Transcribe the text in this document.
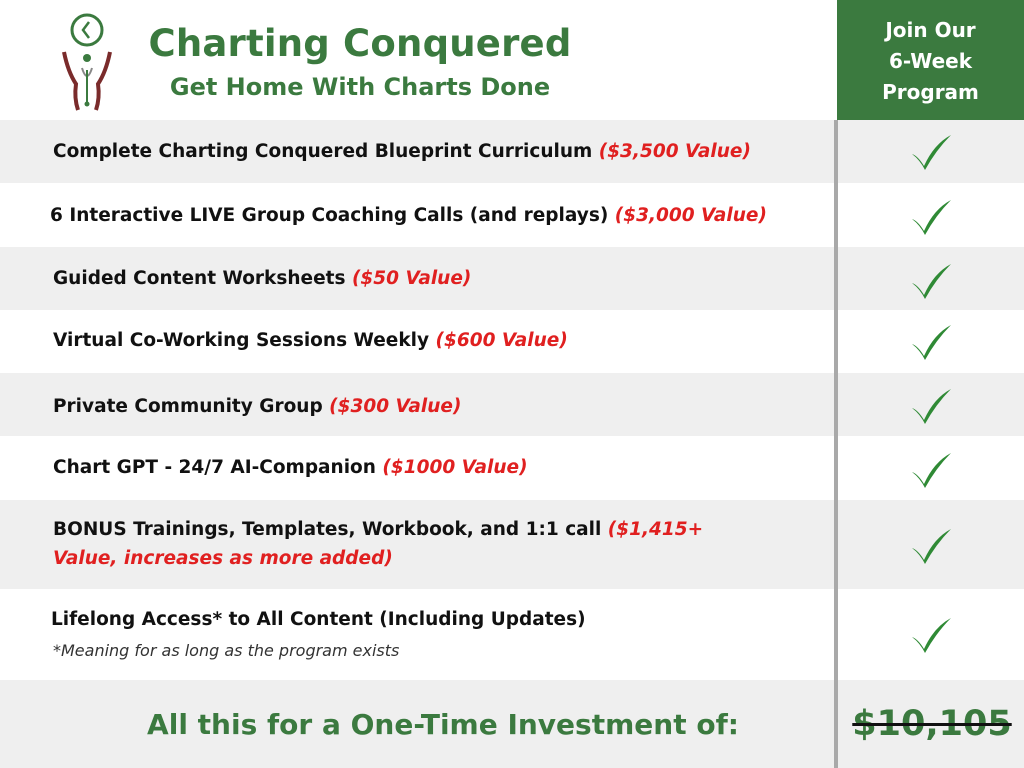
Charting Conquered
Get Home With Charts Done
Join Our
6-Week
Program
Complete Charting Conquered Blueprint Curriculum ($3,500 Value)
6 Interactive LIVE Group Coaching Calls (and replays) ($3,000 Value)
Guided Content Worksheets ($50 Value)
Virtual Co-Working Sessions Weekly ($600 Value)
Private Community Group ($300 Value)
Chart GPT - 24/7 AI-Companion ($1000 Value)
BONUS Trainings, Templates, Workbook, and 1:1 call ($1,415+
Value, increases as more added)
Lifelong Access* to All Content (Including Updates)
*Meaning for as long as the program exists
All this for a One-Time Investment of:	$10,105
